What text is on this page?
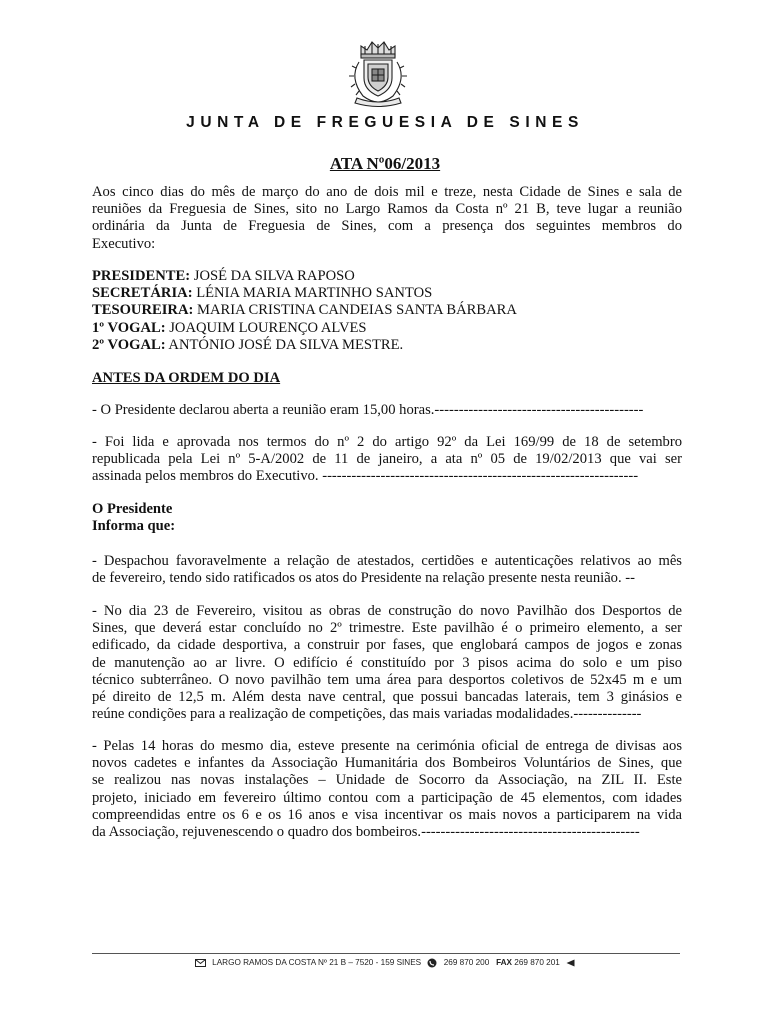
JUNTA DE FREGUESIA DE SINES
ATA Nº06/2013
Aos cinco dias do mês de março do ano de dois mil e treze, nesta Cidade de Sines e sala de
reuniões da Freguesia de Sines, sito no Largo Ramos da Costa nº 21 B, teve lugar a reunião
ordinária da Junta de Freguesia de Sines, com a presença dos seguintes membros do
Executivo:
PRESIDENTE: JOSÉ DA SILVA RAPOSO
SECRETÁRIA: LÉNIA MARIA MARTINHO SANTOS
TESOUREIRA: MARIA CRISTINA CANDEIAS SANTA BÁRBARA
1º VOGAL: JOAQUIM LOURENÇO ALVES
2º VOGAL: ANTÓNIO JOSÉ DA SILVA MESTRE.
ANTES DA ORDEM DO DIA
- O Presidente declarou aberta a reunião eram 15,00 horas.-------------------------------------------
- Foi lida e aprovada nos termos do nº 2 do artigo 92º da Lei 169/99 de 18 de setembro
republicada pela Lei nº 5-A/2002 de 11 de janeiro, a ata nº 05 de 19/02/2013 que vai ser
assinada pelos membros do Executivo. -----------------------------------------------------------------
O Presidente
Informa que:
- Despachou favoravelmente a relação de atestados, certidões e autenticações relativos ao mês
de fevereiro, tendo sido ratificados os atos do Presidente na relação presente nesta reunião. --
- No dia 23 de Fevereiro, visitou as obras de construção do novo Pavilhão dos Desportos de
Sines, que deverá estar concluído no 2º trimestre. Este pavilhão é o primeiro elemento, a ser
edificado, da cidade desportiva, a construir por fases, que englobará campos de jogos e zonas
de manutenção ao ar livre. O edifício é constituído por 3 pisos acima do solo e um piso
técnico subterrâneo. O novo pavilhão tem uma área para desportos coletivos de 52x45 m e um
pé direito de 12,5 m. Além desta nave central, que possui bancadas laterais, tem 3 ginásios e
reúne condições para a realização de competições, das mais variadas modalidades.--------------
- Pelas 14 horas do mesmo dia, esteve presente na cerimónia oficial de entrega de divisas aos
novos cadetes e infantes da Associação Humanitária dos Bombeiros Voluntários de Sines, que
se realizou nas novas instalações – Unidade de Socorro da Associação, na ZIL II. Este
projeto, iniciado em fevereiro último contou com a participação de 45 elementos, com idades
compreendidas entre os 6 e os 16 anos e visa incentivar os mais novos a participarem na vida
da Associação, rejuvenescendo o quadro dos bombeiros.---------------------------------------------
LARGO RAMOS DA COSTA Nº 21 B – 7520 - 159 SINES	269 870 200 FAX 269 870 201
